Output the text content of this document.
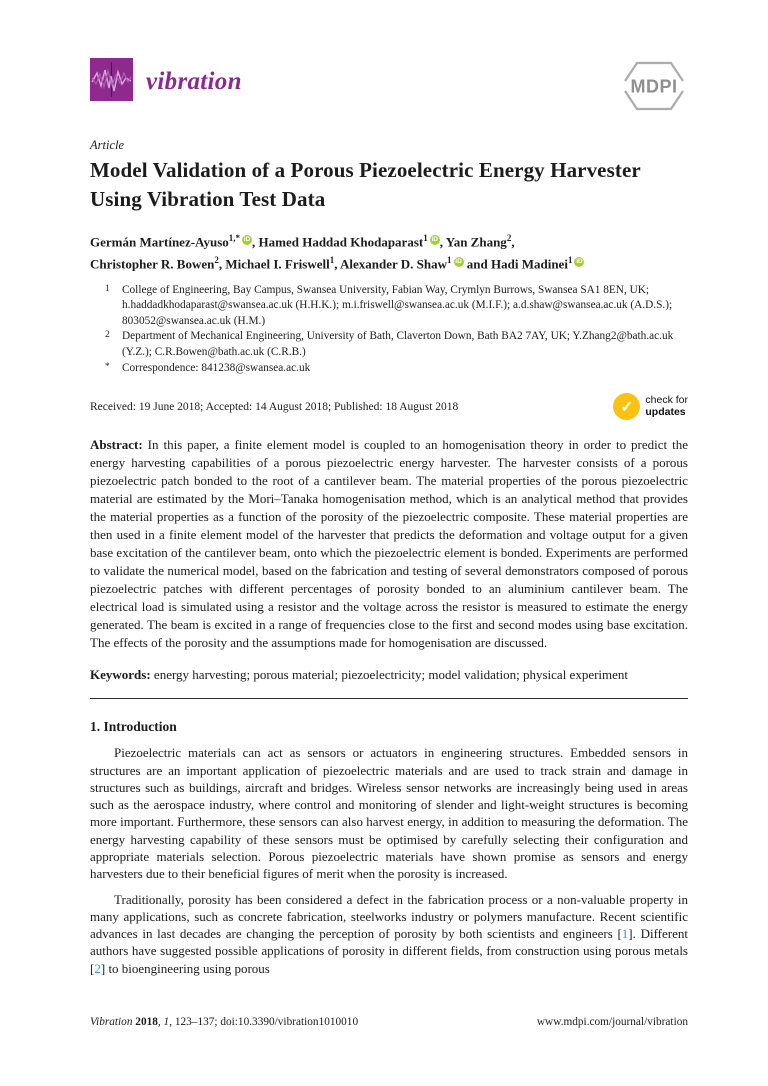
vibration	MDPI
Article
Model Validation of a Porous Piezoelectric Energy Harvester Using Vibration Test Data
Germán Martínez-Ayuso$^{1,*}$ iD , Hamed Haddad Khodaparast$^1$ iD , Yan Zhang$^2$,
Christopher R. Bowen$^2$, Michael I. Friswell$^1$, Alexander D. Shaw$^1$ iD and Hadi Madinei$^1$ iD
1	College of Engineering, Bay Campus, Swansea University, Fabian Way, Crymlyn Burrows, Swansea SA1 8EN, UK; h.haddadkhodaparast@swansea.ac.uk (H.H.K.); m.i.friswell@swansea.ac.uk (M.I.F.); a.d.shaw@swansea.ac.uk (A.D.S.); 803052@swansea.ac.uk (H.M.)
2	Department of Mechanical Engineering, University of Bath, Claverton Down, Bath BA2 7AY, UK; Y.Zhang2@bath.ac.uk (Y.Z.); C.R.Bowen@bath.ac.uk (C.R.B.)
*	Correspondence: 841238@swansea.ac.uk
Received: 19 June 2018; Accepted: 14 August 2018; Published: 18 August 2018	✓	check for
updates
Abstract: In this paper, a finite element model is coupled to an homogenisation theory in order to predict the energy harvesting capabilities of a porous piezoelectric energy harvester. The harvester consists of a porous piezoelectric patch bonded to the root of a cantilever beam. The material properties of the porous piezoelectric material are estimated by the Mori–Tanaka homogenisation method, which is an analytical method that provides the material properties as a function of the porosity of the piezoelectric composite. These material properties are then used in a finite element model of the harvester that predicts the deformation and voltage output for a given base excitation of the cantilever beam, onto which the piezoelectric element is bonded. Experiments are performed to validate the numerical model, based on the fabrication and testing of several demonstrators composed of porous piezoelectric patches with different percentages of porosity bonded to an aluminium cantilever beam. The electrical load is simulated using a resistor and the voltage across the resistor is measured to estimate the energy generated. The beam is excited in a range of frequencies close to the first and second modes using base excitation. The effects of the porosity and the assumptions made for homogenisation are discussed.
Keywords: energy harvesting; porous material; piezoelectricity; model validation; physical experiment
1. Introduction

Piezoelectric materials can act as sensors or actuators in engineering structures. Embedded sensors in structures are an important application of piezoelectric materials and are used to track strain and damage in structures such as buildings, aircraft and bridges. Wireless sensor networks are increasingly being used in areas such as the aerospace industry, where control and monitoring of slender and light-weight structures is becoming more important. Furthermore, these sensors can also harvest energy, in addition to measuring the deformation. The energy harvesting capability of these sensors must be optimised by carefully selecting their configuration and appropriate materials selection. Porous piezoelectric materials have shown promise as sensors and energy harvesters due to their beneficial figures of merit when the porosity is increased.

Traditionally, porosity has been considered a defect in the fabrication process or a non-valuable property in many applications, such as concrete fabrication, steelworks industry or polymers manufacture. Recent scientific advances in last decades are changing the perception of porosity by both scientists and engineers [1]. Different authors have suggested possible applications of porosity in different fields, from construction using porous metals [2] to bioengineering using porous

Vibration 2018, 1, 123–137; doi:10.3390/vibration1010010	www.mdpi.com/journal/vibration
